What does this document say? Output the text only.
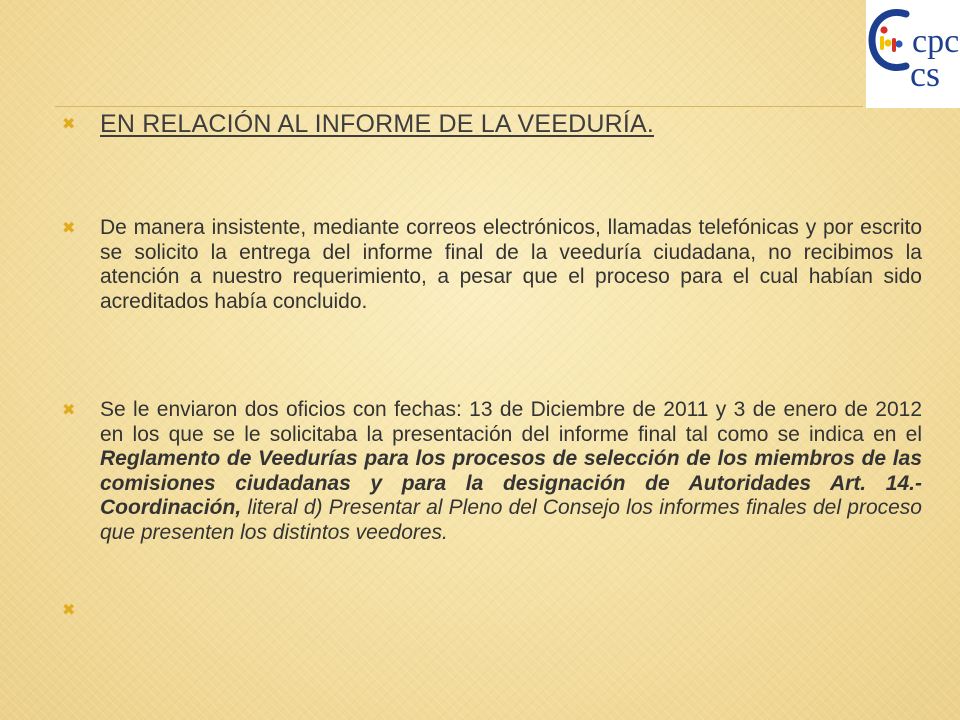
cpc
cs
✖ EN RELACIÓN AL INFORME DE LA VEEDURÍA.
✖	De manera insistente, mediante correos electrónicos, llamadas telefónicas y por escrito se solicito la entrega del informe final de la veeduría ciudadana, no recibimos la atención a nuestro requerimiento, a pesar que el proceso para el cual habían sido acreditados había concluido.
✖	Se le enviaron dos oficios con fechas: 13 de Diciembre de 2011 y 3 de enero de 2012 en los que se le solicitaba la presentación del informe final tal como se indica en el Reglamento de Veedurías para los procesos de selección de los miembros de las comisiones ciudadanas y para la designación de Autoridades Art. 14.-Coordinación, literal d) Presentar al Pleno del Consejo los informes finales del proceso que presenten los distintos veedores.
✖
